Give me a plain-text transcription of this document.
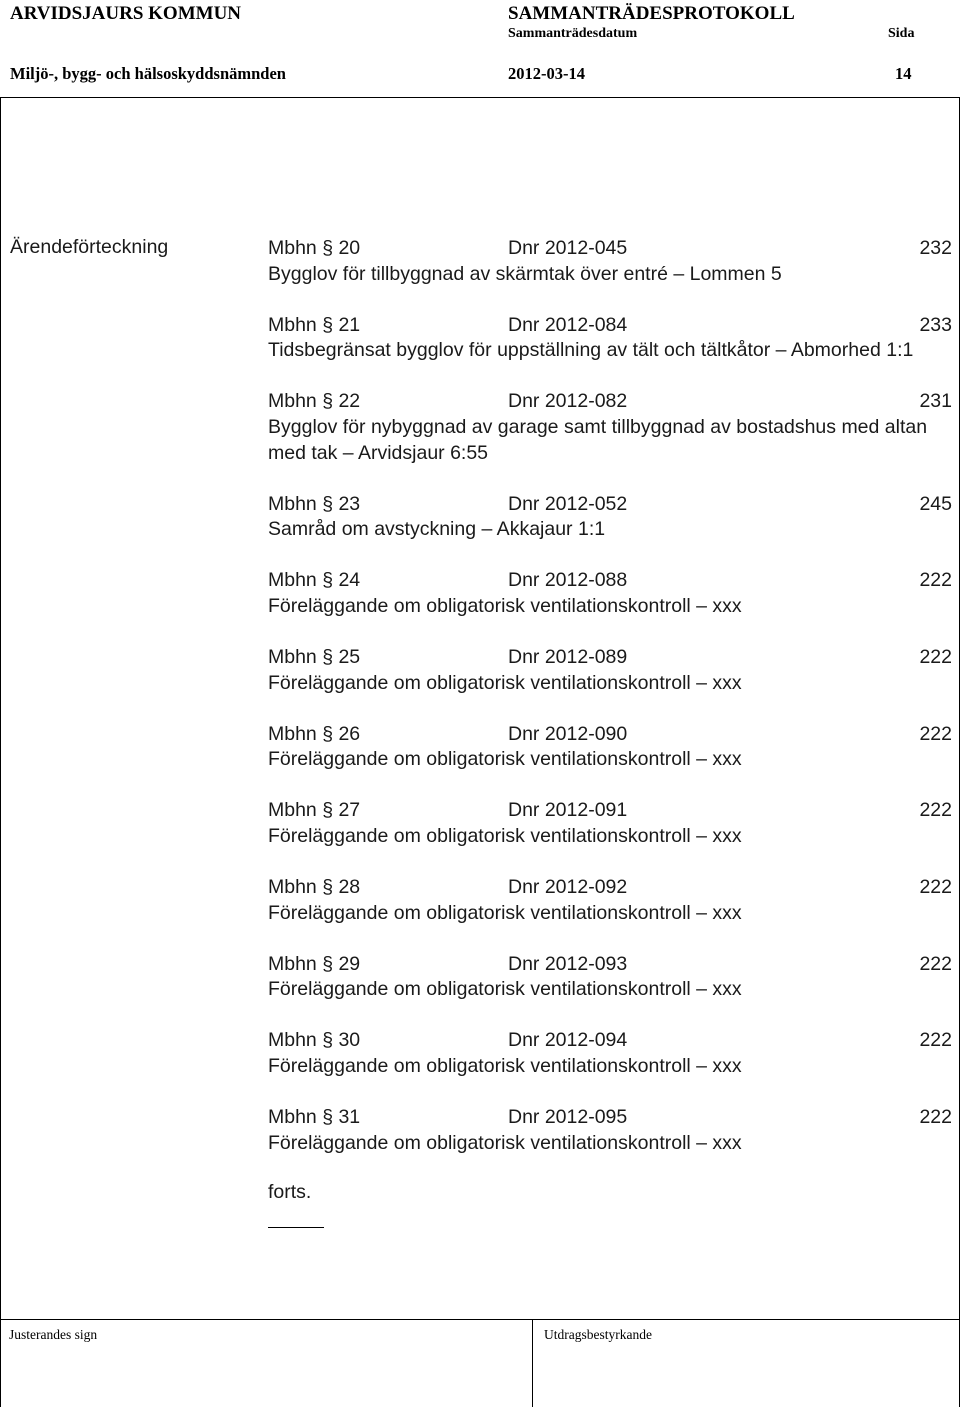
ARVIDSJAURS KOMMUN	SAMMANTRÄDESPROTOKOLL
Sammanträdesdatum	Sida
Miljö-, bygg- och hälsoskyddsnämnden	2012-03-14	14
Justerandes sign	Utdragsbestyrkande
Ärendeförteckning	Mbhn § 20	Dnr 2012-045	232
Bygglov för tillbyggnad av skärmtak över entré – Lommen 5
Mbhn § 21	Dnr 2012-084	233
Tidsbegränsat bygglov för uppställning av tält och tältkåtor – Abmorhed 1:1
Mbhn § 22	Dnr 2012-082	231
Bygglov för nybyggnad av garage samt tillbyggnad av bostadshus med altan med tak – Arvidsjaur 6:55
Mbhn § 23	Dnr 2012-052	245
Samråd om avstyckning – Akkajaur 1:1
Mbhn § 24	Dnr 2012-088	222
Föreläggande om obligatorisk ventilationskontroll – xxx
Mbhn § 25	Dnr 2012-089	222
Föreläggande om obligatorisk ventilationskontroll – xxx
Mbhn § 26	Dnr 2012-090	222
Föreläggande om obligatorisk ventilationskontroll – xxx
Mbhn § 27	Dnr 2012-091	222
Föreläggande om obligatorisk ventilationskontroll – xxx
Mbhn § 28	Dnr 2012-092	222
Föreläggande om obligatorisk ventilationskontroll – xxx
Mbhn § 29	Dnr 2012-093	222
Föreläggande om obligatorisk ventilationskontroll – xxx
Mbhn § 30	Dnr 2012-094	222
Föreläggande om obligatorisk ventilationskontroll – xxx
Mbhn § 31	Dnr 2012-095	222
Föreläggande om obligatorisk ventilationskontroll – xxx
forts.
